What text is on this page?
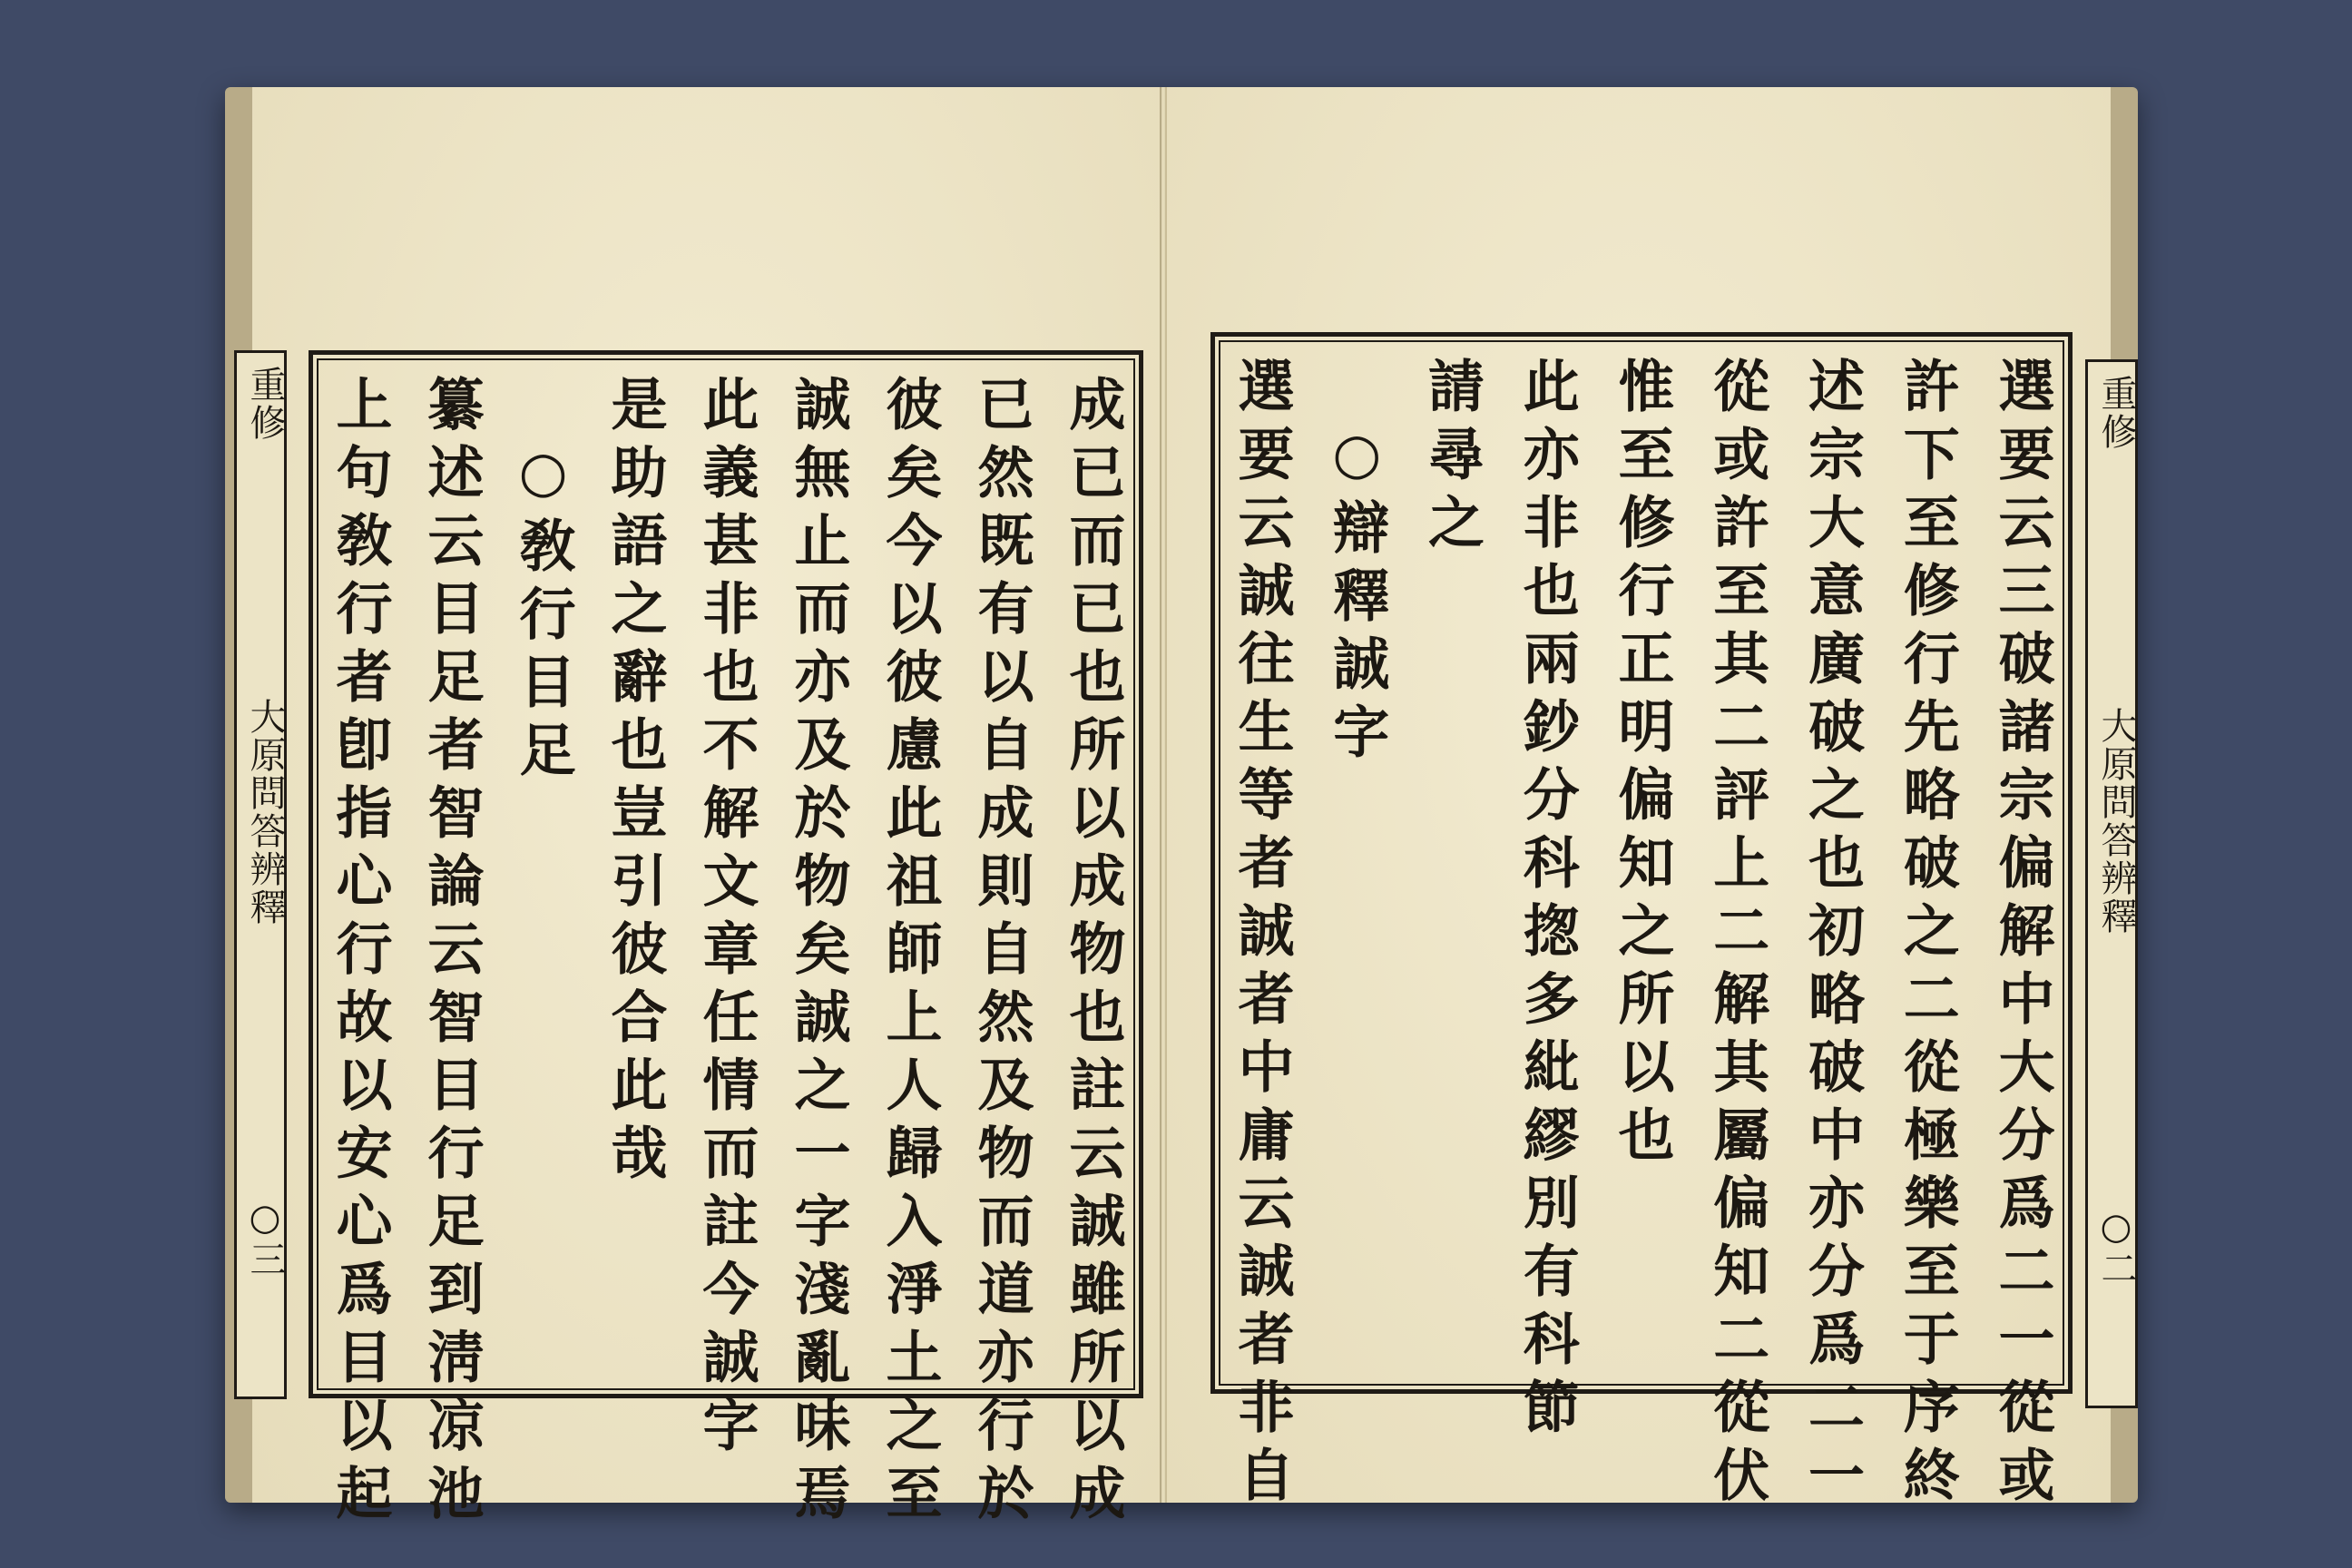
重修
大原問答辨釋
○三	成已而已也所以成物也註云誠雖所以成
已然既有以自成則自然及物而道亦行於
彼矣今以彼慮此祖師上人歸入淨土之至
誠無止而亦及於物矣誠之一字淺亂味焉
此義甚非也不解文章任情而註今誠字
是助語之辭也豈引彼合此哉
○敎行目足
纂述云目足者智論云智目行足到淸凉池
上句敎行者卽指心行故以安心爲目以起	選要云三破諸宗偏解中大分爲二一從或
許下至修行先略破之二從極樂至于序終
述宗大意廣破之也初略破中亦分爲二一
從或許至其二評上二解其屬偏知二從伏
惟至修行正明偏知之所以也
此亦非也兩鈔分科揔多紕繆別有科節
請尋之
○辯釋誠字
選要云誠往生等者誠者中庸云誠者非自	重修
大原問答辨釋
○二
